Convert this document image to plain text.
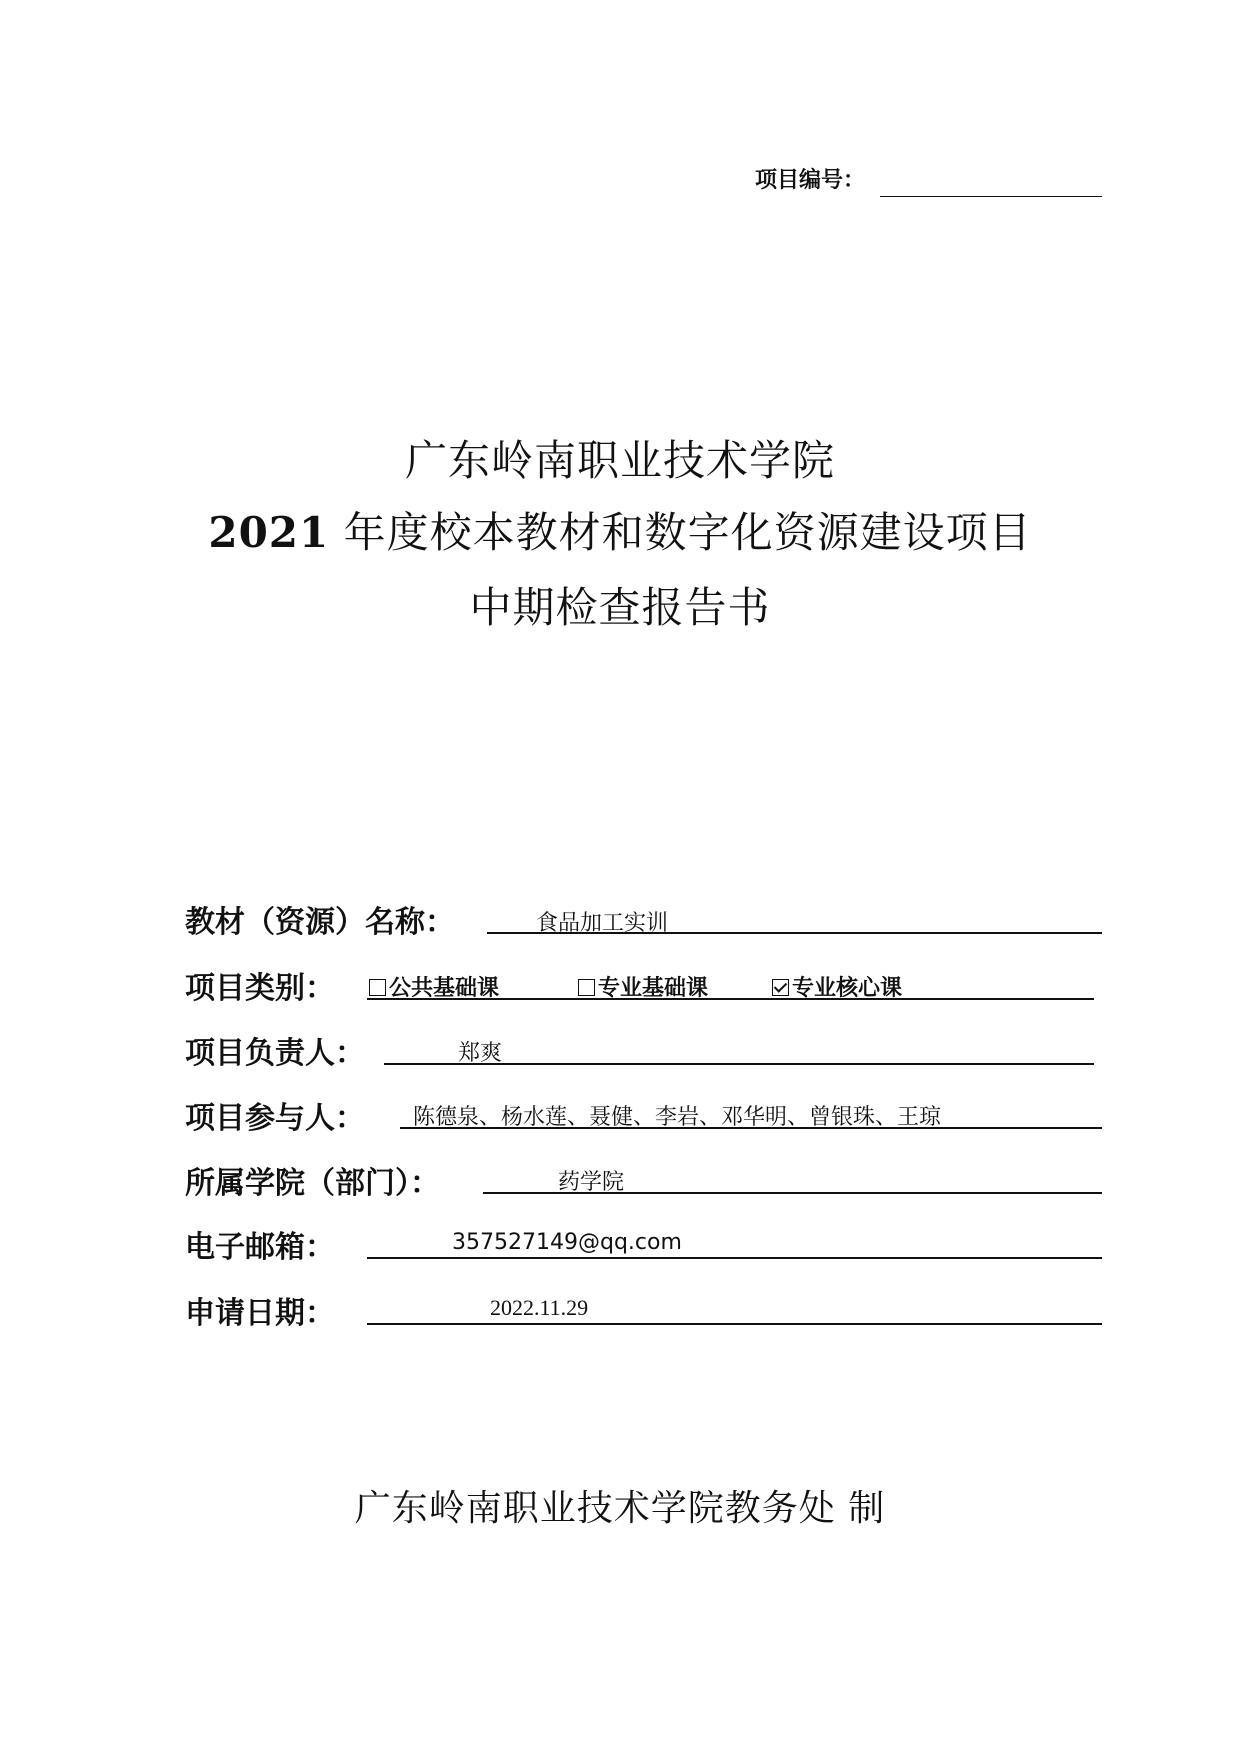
项目编号：
广东岭南职业技术学院
2021 年度校本教材和数字化资源建设项目
中期检查报告书
教材（资源）名称：	食品加工实训
项目类别：	公共基础课	专业基础课	专业核心课
项目负责人：	郑爽
项目参与人： 陈德泉、杨水莲、聂健、李岩、邓华明、曾银珠、王琼
所属学院（部门）：	药学院
电子邮箱：	357527149@qq.com
申请日期：	2022.11.29
广东岭南职业技术学院教务处 制
